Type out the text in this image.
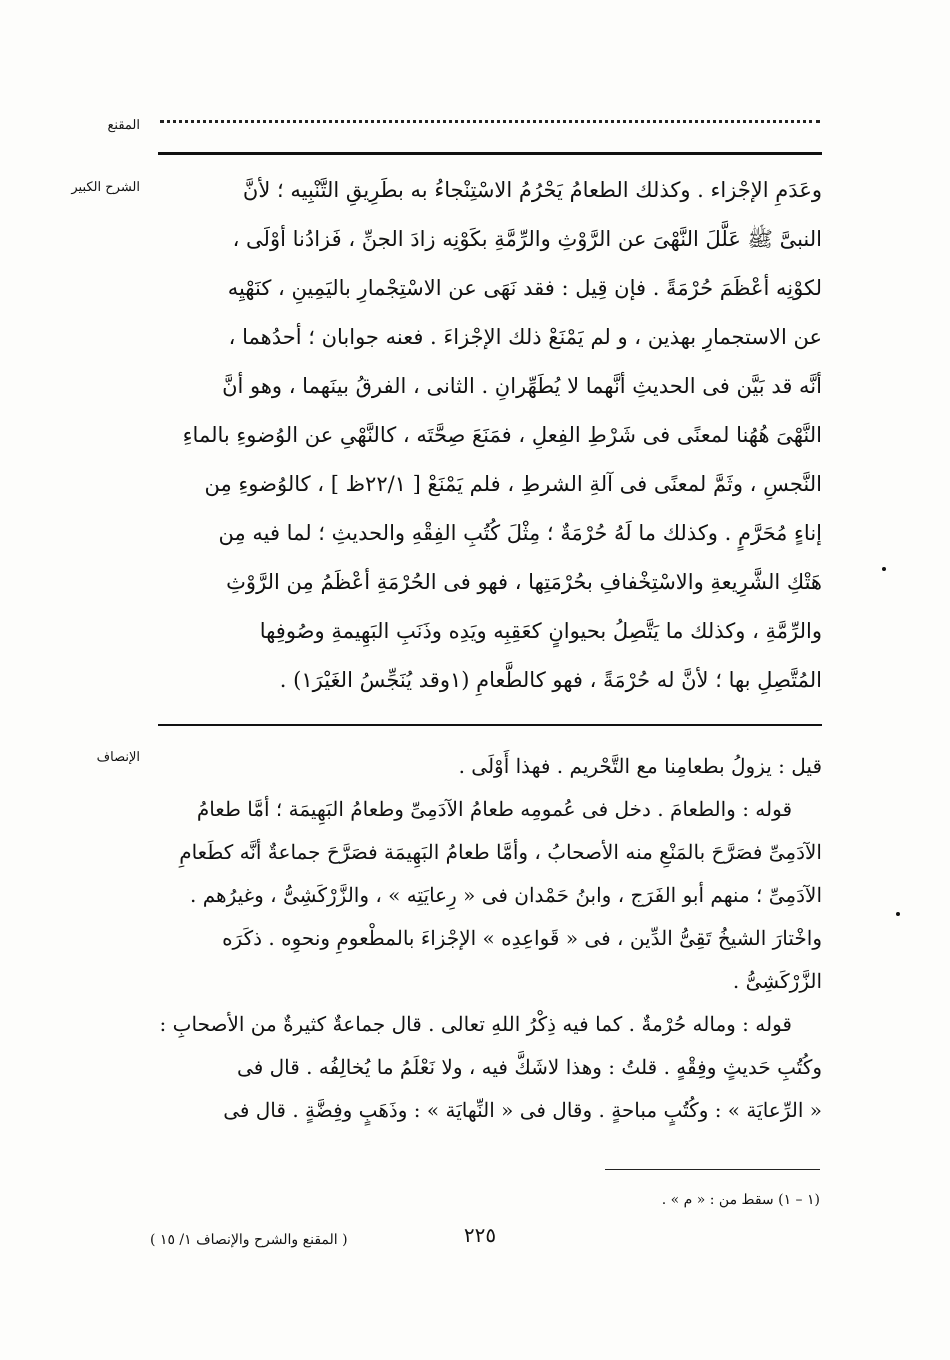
المقنع
الشرح الكبير	وعَدَمِ الإجْزاء . وكذلك الطعامُ يَحْرُمُ الاسْتِنْجاءُ به بطَرِيقِ التَّنْبِيه ؛ لأنَّ

النبىَّ ﷺ عَلَّلَ النَّهْىَ عن الرَّوْثِ والرِّمَّةِ بكَوْنِه زادَ الجنِّ ، فَزادُنا أوْلَى ،

لكوْنِه أعْظَمَ حُرْمَةً . فإن قِيل : فقد نَهَى عن الاسْتِجْمارِ باليَمِينِ ، كنَهْيِه

عن الاستجمارِ بهذين ، و لم يَمْنَعْ ذلك الإجْزاءَ . فعنه جوابان ؛ أحدُهما ،

أنَّه قد بَيَّن فى الحديثِ أنَّهما لا يُطَهِّرانِ . الثانى ، الفرقُ بينَهما ، وهو أنَّ

النَّهْىَ هُهُنا لمعنًى فى شَرْطِ الفِعلِ ، فمَنَعَ صِحَّتَه ، كالنَّهْىِ عن الوُضوءِ بالماءِ

النَّجسِ ، وثَمَّ لمعنًى فى آلةِ الشرطِ ، فلم يَمْنَعْ [ ٢٢/١ظ ] ، كالوُضوءِ مِن

إناءٍ مُحَرَّمٍ . وكذلك ما لَهُ حُرْمَةٌ ؛ مِثْلَ كُتُبِ الفِقْهِ والحديثِ ؛ لما فيه مِن

هَتْكِ الشَّرِيعةِ والاسْتِخْفافِ بحُرْمَتِها ، فهو فى الحُرْمَةِ أعْظَمُ مِن الرَّوْثِ

والرِّمَّةِ ، وكذلك ما يَتَّصِلُ بحيوانٍ كعَقِبِه ويَدِه وذَنَبِ البَهِيمةِ وصُوفِها

المُتَّصِلِ بها ؛ لأنَّ له حُرْمَةً ، فهو كالطَّعامِ (١وقد يُنَجِّسُ الغَيْرَ١) .

الإنصاف	قيل : يزولُ بطعامِنا مع التَّحْريم . فهذا أَوْلَى .

قوله : والطعامَ . دخل فى عُمومِه طعامُ الآدَمِىِّ وطعامُ البَهِيمَة ؛ أمَّا طعامُ

الآدَمِىِّ فصَرَّحَ بالمَنْعِ منه الأصحابُ ، وأمَّا طعامُ البَهِيمَة فصَرَّحَ جماعةٌ أنَّه كطَعامِ

الآدَمِىِّ ؛ منهم أبو الفَرَج ، وابنُ حَمْدان فى « رِعايَتِه » ، والزَّرْكَشِىُّ ، وغيرُهم .

واخْتارَ الشيخُ تَقِىُّ الدِّين ، فى « قَواعِدِه » الإجْزاءَ بالمطْعومِ ونحوِه . ذكَرَه

الزَّرْكَشِىُّ .

قوله : وماله حُرْمةٌ . كما فيه ذِكْرُ اللهِ تعالى . قال جماعةٌ كثيرةٌ من الأصحابِ :

وكُتُبِ حَديثٍ وفِقْهٍ . قلتُ : وهذا لاشَكَّ فيه ، ولا نَعْلَمُ ما يُخالِفُه . قال فى

« الرِّعايَة » : وكُتُبٍ مباحةٍ . وقال فى « النِّهايَة » : وذَهَبٍ وفِضَّةٍ . قال فى

(١ – ١) سقط من : « م » .
٢٢٥
( المقنع والشرح والإنصاف ١/ ١٥ )
